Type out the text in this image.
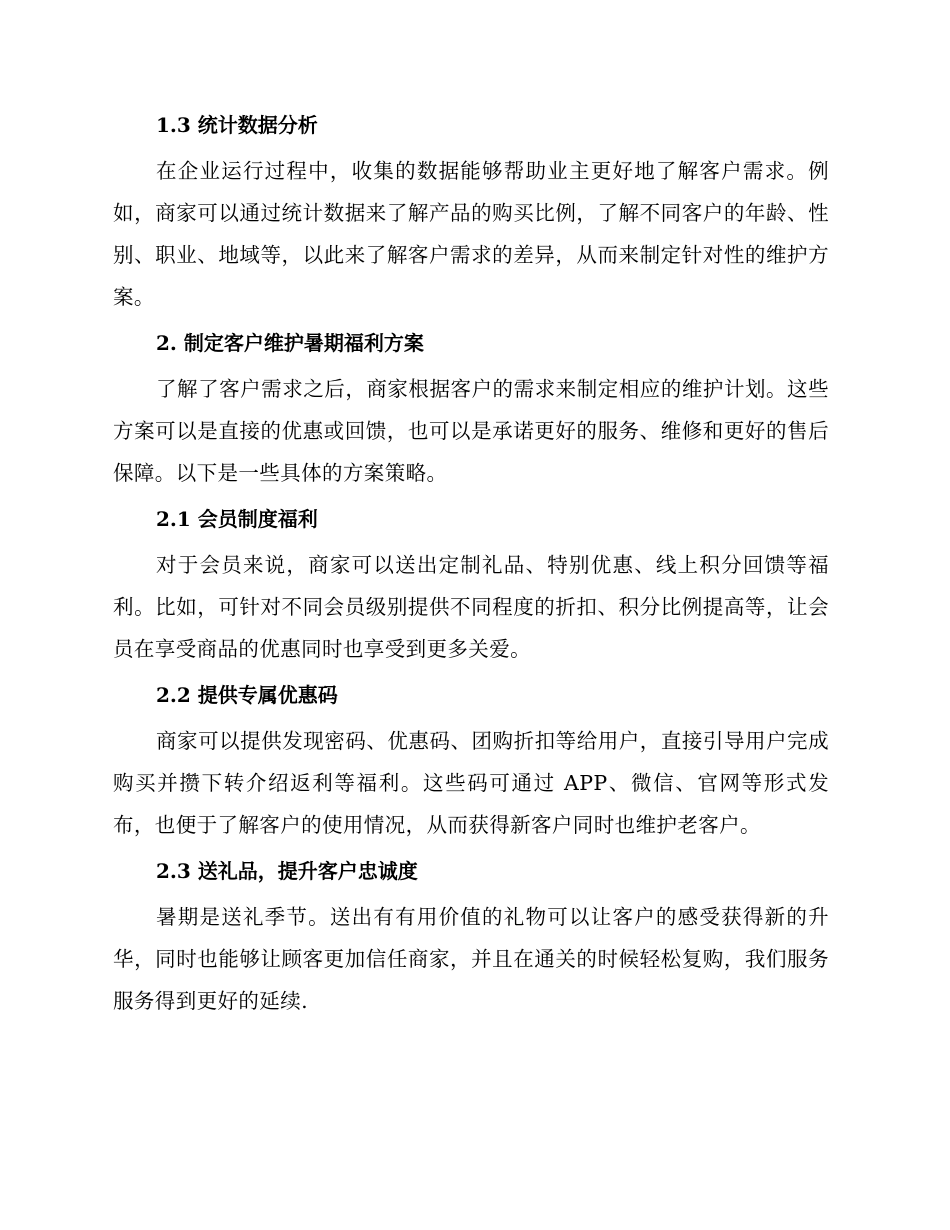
1.3 统计数据分析

在企业运行过程中，收集的数据能够帮助业主更好地了解客户需求。例如，商家可以通过统计数据来了解产品的购买比例，了解不同客户的年龄、性别、职业、地域等，以此来了解客户需求的差异，从而来制定针对性的维护方案。

2. 制定客户维护暑期福利方案

了解了客户需求之后，商家根据客户的需求来制定相应的维护计划。这些方案可以是直接的优惠或回馈，也可以是承诺更好的服务、维修和更好的售后保障。以下是一些具体的方案策略。

2.1 会员制度福利

对于会员来说，商家可以送出定制礼品、特别优惠、线上积分回馈等福利。比如，可针对不同会员级别提供不同程度的折扣、积分比例提高等，让会员在享受商品的优惠同时也享受到更多关爱。

2.2 提供专属优惠码

商家可以提供发现密码、优惠码、团购折扣等给用户，直接引导用户完成购买并攒下转介绍返利等福利。这些码可通过 APP、微信、官网等形式发布，也便于了解客户的使用情况，从而获得新客户同时也维护老客户。

2.3 送礼品，提升客户忠诚度

暑期是送礼季节。送出有有用价值的礼物可以让客户的感受获得新的升华，同时也能够让顾客更加信任商家，并且在通关的时候轻松复购，我们服务服务得到更好的延续.
